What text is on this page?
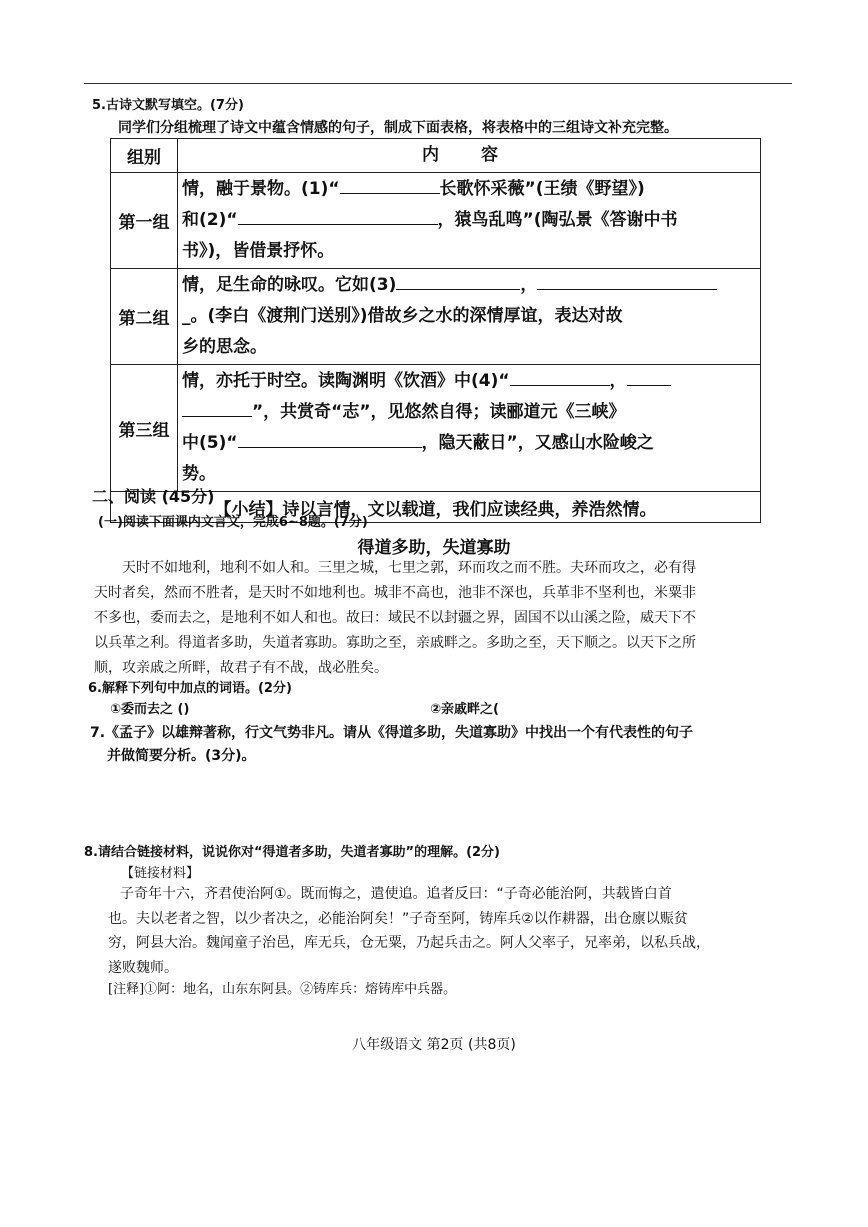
5.古诗文默写填空。(7分)
同学们分组梳理了诗文中蕴含情感的句子，制成下面表格，将表格中的三组诗文补充完整。
组别	内 容
第一组	情，融于景物。(1)“ 长歌怀采薇”(王绩《野望》)
和(2)“ ，猿鸟乱鸣”(陶弘景《答谢中书
书》)，皆借景抒怀。

第二组	情，足生命的咏叹。它如(3) ，
_。(李白《渡荆门送别》)借故乡之水的深情厚谊，表达对故
乡的思念。

第三组	情，亦托于时空。读陶渊明《饮酒》中(4)“ ，
”，共赏奇“志”，见悠然自得；读郦道元《三峡》
中(5)“ ，隐天蔽日”，又感山水险峻之
势。

【小结】诗以言情，文以载道，我们应读经典，养浩然情。	
二、阅读 (45分)
(一)阅读下面课内文言文，完成6~8题。(7分)
得道多助，失道寡助

天时不如地利，地利不如人和。三里之城，七里之郭，环而攻之而不胜。夫环而攻之，必有得

天时者矣，然而不胜者，是天时不如地利也。城非不高也，池非不深也，兵革非不坚利也，米粟非

不多也，委而去之，是地利不如人和也。故曰：域民不以封疆之界，固国不以山溪之险，威天下不

以兵革之利。得道者多助，失道者寡助。寡助之至，亲戚畔之。多助之至，天下顺之。以天下之所

顺，攻亲戚之所畔，故君子有不战，战必胜矣。

6.解释下列句中加点的词语。(2分)
①委而去之 ()	②亲戚畔之(
7.《孟子》以雄辩著称，行文气势非凡。请从《得道多助，失道寡助》中找出一个有代表性的句子
并做简要分析。(3分)。
8.请结合链接材料，说说你对“得道者多助，失道者寡助”的理解。(2分)
【链接材料】

子奇年十六，齐君使治阿①。既而悔之，遣使追。追者反曰：“子奇必能治阿，共载皆白首

也。夫以老者之智，以少者决之，必能治阿矣！”子奇至阿，铸库兵②以作耕器，出仓廪以赈贫

穷，阿县大治。魏闻童子治邑，库无兵，仓无粟，乃起兵击之。阿人父率子，兄率弟，以私兵战，

遂败魏师。

[注释]①阿：地名，山东东阿县。②铸库兵：熔铸库中兵器。
八年级语文 第2页 (共8页)
